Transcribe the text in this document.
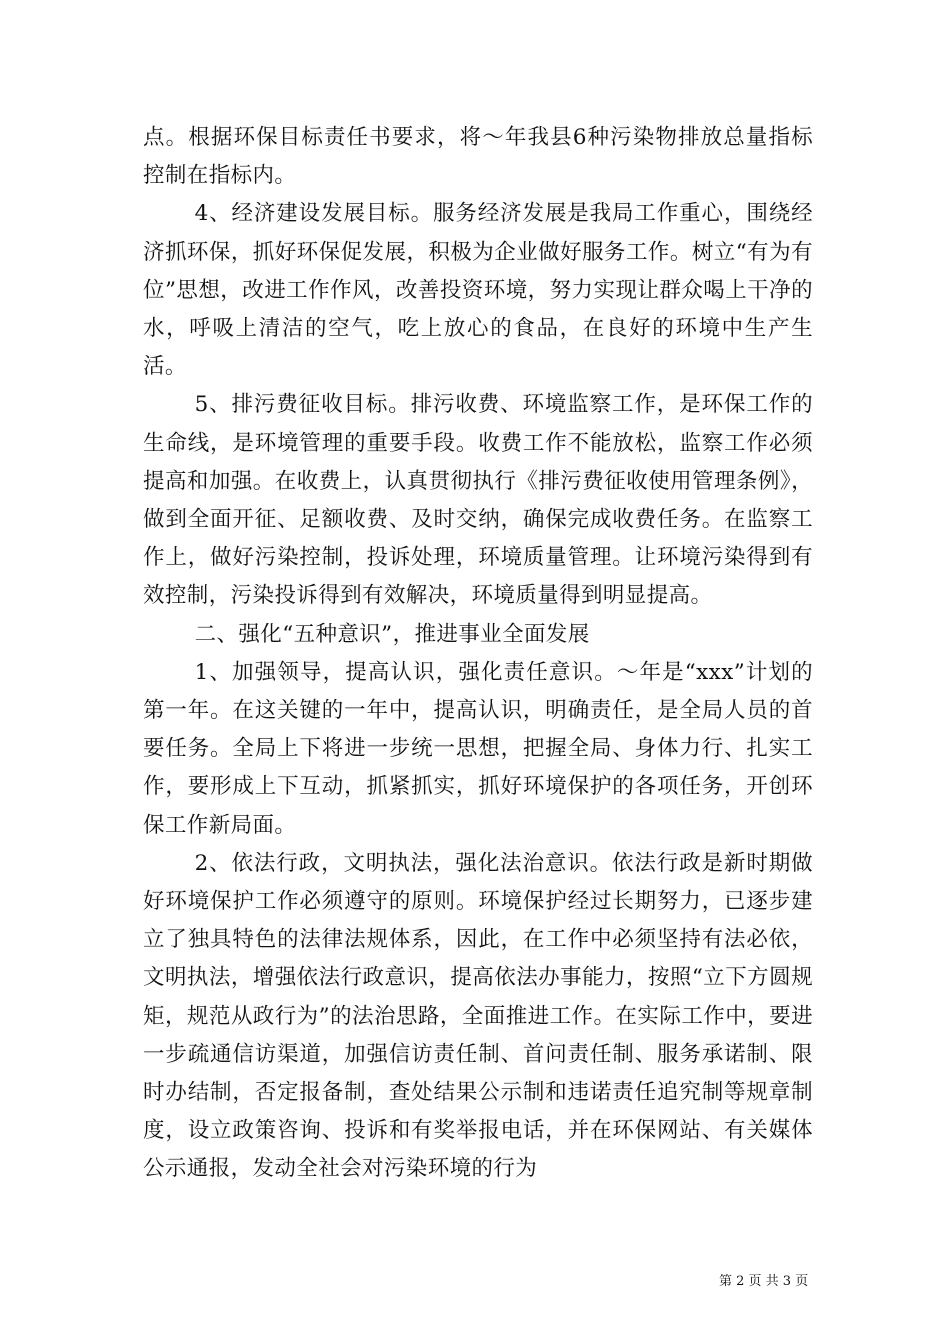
点。根据环保目标责任书要求，将～年我县6种污染物排放总量指标控制在指标内。

4、经济建设发展目标。服务经济发展是我局工作重心，围绕经济抓环保，抓好环保促发展，积极为企业做好服务工作。树立“有为有位”思想，改进工作作风，改善投资环境，努力实现让群众喝上干净的水，呼吸上清洁的空气，吃上放心的食品，在良好的环境中生产生活。

5、排污费征收目标。排污收费、环境监察工作，是环保工作的生命线，是环境管理的重要手段。收费工作不能放松，监察工作必须提高和加强。在收费上，认真贯彻执行《排污费征收使用管理条例》，做到全面开征、足额收费、及时交纳，确保完成收费任务。在监察工作上，做好污染控制，投诉处理，环境质量管理。让环境污染得到有效控制，污染投诉得到有效解决，环境质量得到明显提高。

二、强化“五种意识”，推进事业全面发展

1、加强领导，提高认识，强化责任意识。～年是“xxx”计划的第一年。在这关键的一年中，提高认识，明确责任，是全局人员的首要任务。全局上下将进一步统一思想，把握全局、身体力行、扎实工作，要形成上下互动，抓紧抓实，抓好环境保护的各项任务，开创环保工作新局面。

2、依法行政，文明执法，强化法治意识。依法行政是新时期做好环境保护工作必须遵守的原则。环境保护经过长期努力，已逐步建立了独具特色的法律法规体系，因此，在工作中必须坚持有法必依，文明执法，增强依法行政意识，提高依法办事能力，按照“立下方圆规矩，规范从政行为”的法治思路，全面推进工作。在实际工作中，要进一步疏通信访渠道，加强信访责任制、首问责任制、服务承诺制、限时办结制，否定报备制，查处结果公示制和违诺责任追究制等规章制度，设立政策咨询、投诉和有奖举报电话，并在环保网站、有关媒体公示通报，发动全社会对污染环境的行为

第 2 页 共 3 页
